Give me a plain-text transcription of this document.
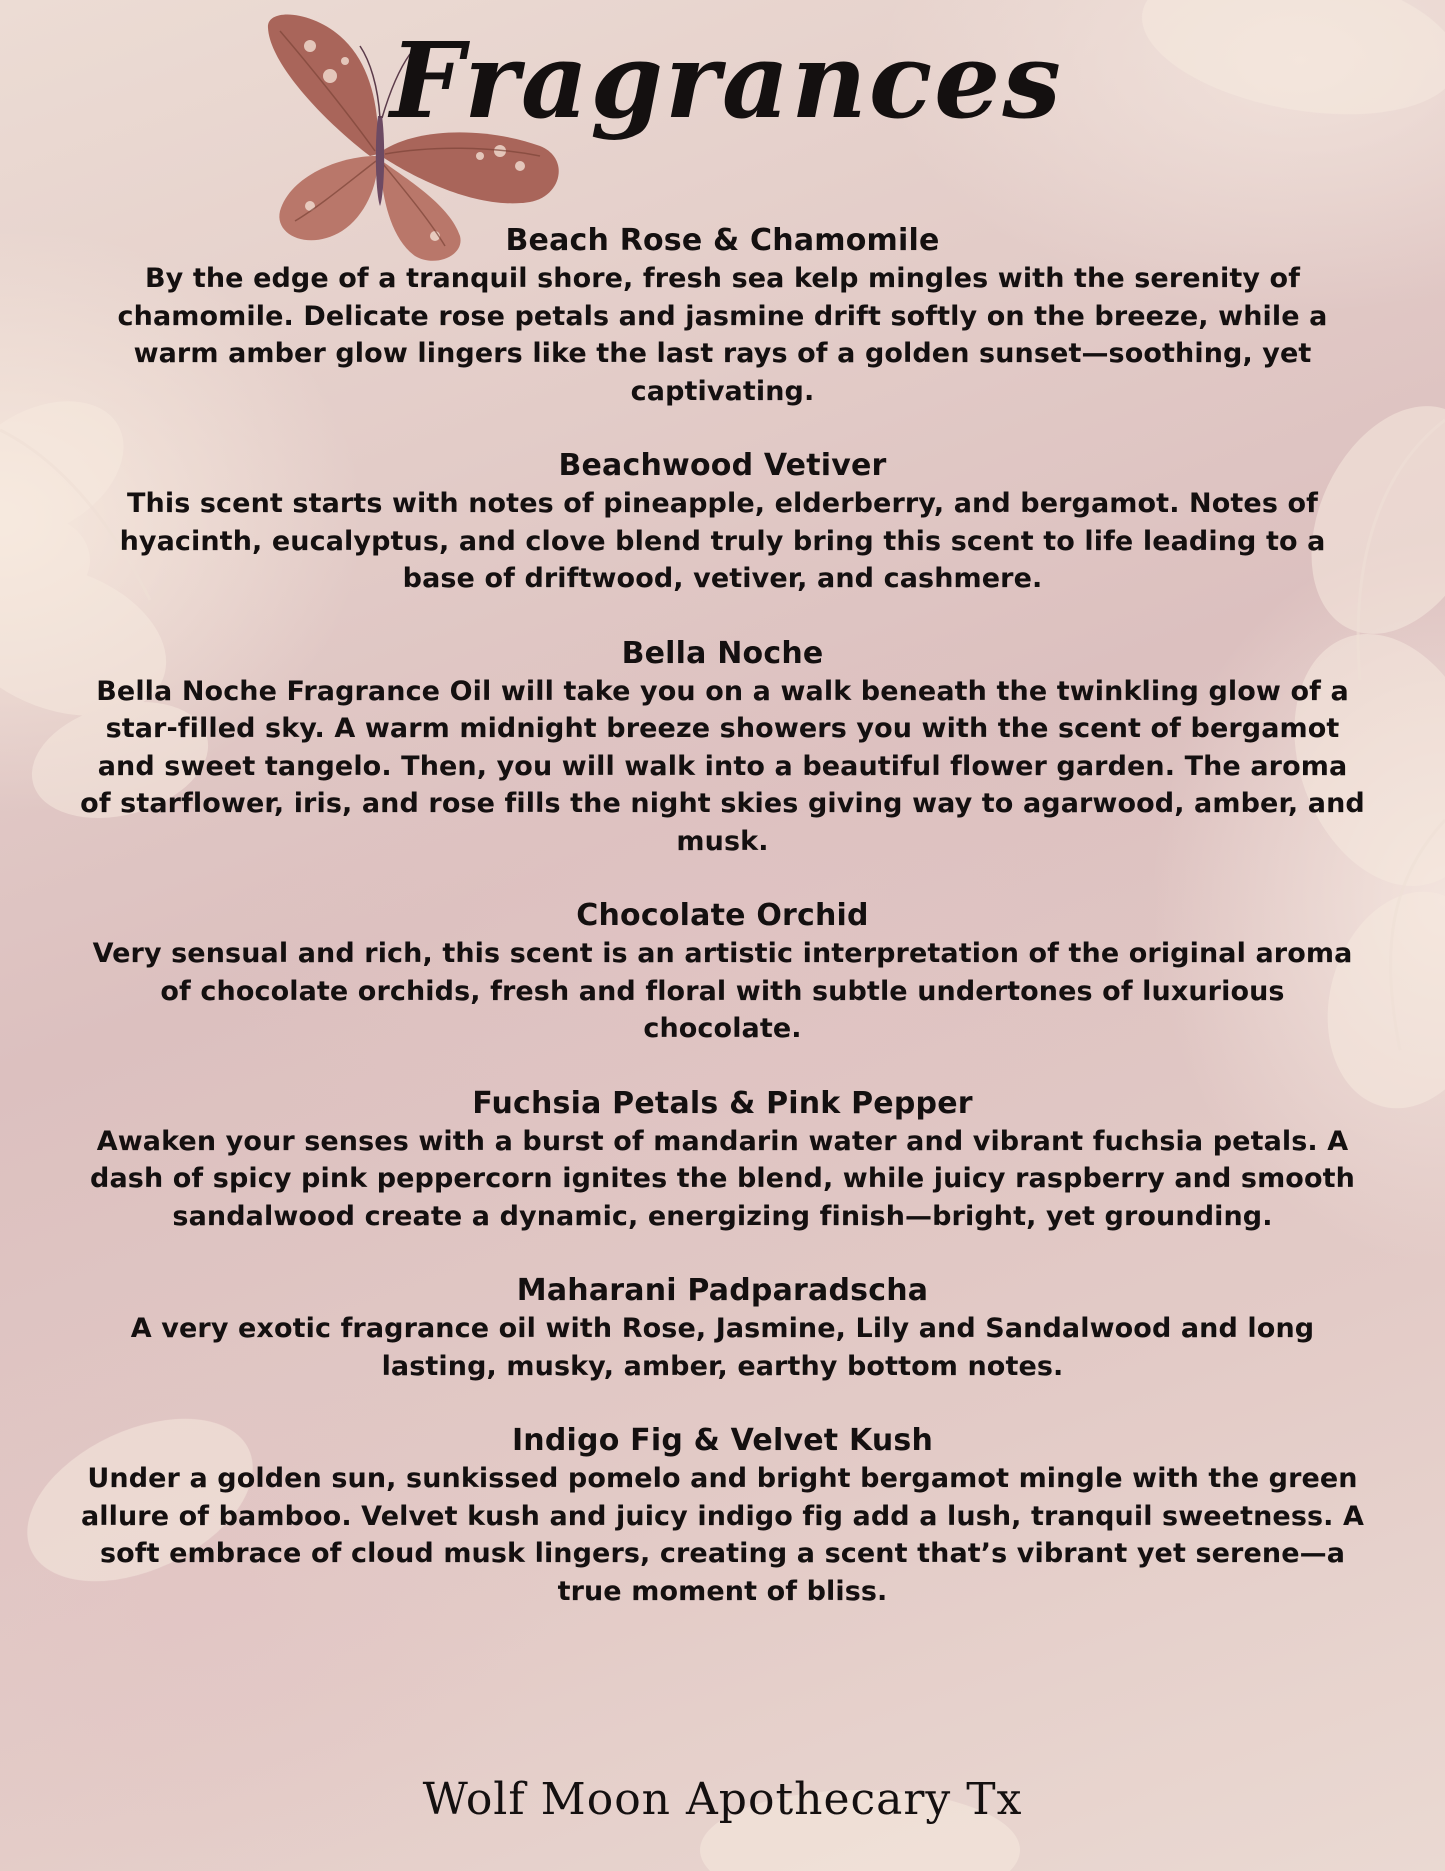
Fragrances
Beach Rose & Chamomile
By the edge of a tranquil shore, fresh sea kelp mingles with the serenity of chamomile. Delicate rose petals and jasmine drift softly on the breeze, while a warm amber glow lingers like the last rays of a golden sunset—soothing, yet captivating.
Beachwood Vetiver
This scent starts with notes of pineapple, elderberry, and bergamot. Notes of hyacinth, eucalyptus, and clove blend truly bring this scent to life leading to a base of driftwood, vetiver, and cashmere.
Bella Noche
Bella Noche Fragrance Oil will take you on a walk beneath the twinkling glow of a star-filled sky. A warm midnight breeze showers you with the scent of bergamot and sweet tangelo. Then, you will walk into a beautiful flower garden. The aroma of starflower, iris, and rose fills the night skies giving way to agarwood, amber, and musk.
Chocolate Orchid
Very sensual and rich, this scent is an artistic interpretation of the original aroma of chocolate orchids, fresh and floral with subtle undertones of luxurious chocolate.
Fuchsia Petals & Pink Pepper
Awaken your senses with a burst of mandarin water and vibrant fuchsia petals. A dash of spicy pink peppercorn ignites the blend, while juicy raspberry and smooth sandalwood create a dynamic, energizing finish—bright, yet grounding.
Maharani Padparadscha
A very exotic fragrance oil with Rose, Jasmine, Lily and Sandalwood and long lasting, musky, amber, earthy bottom notes.
Indigo Fig & Velvet Kush
Under a golden sun, sunkissed pomelo and bright bergamot mingle with the green allure of bamboo. Velvet kush and juicy indigo fig add a lush, tranquil sweetness. A soft embrace of cloud musk lingers, creating a scent that’s vibrant yet serene—a true moment of bliss.
Wolf Moon Apothecary Tx
